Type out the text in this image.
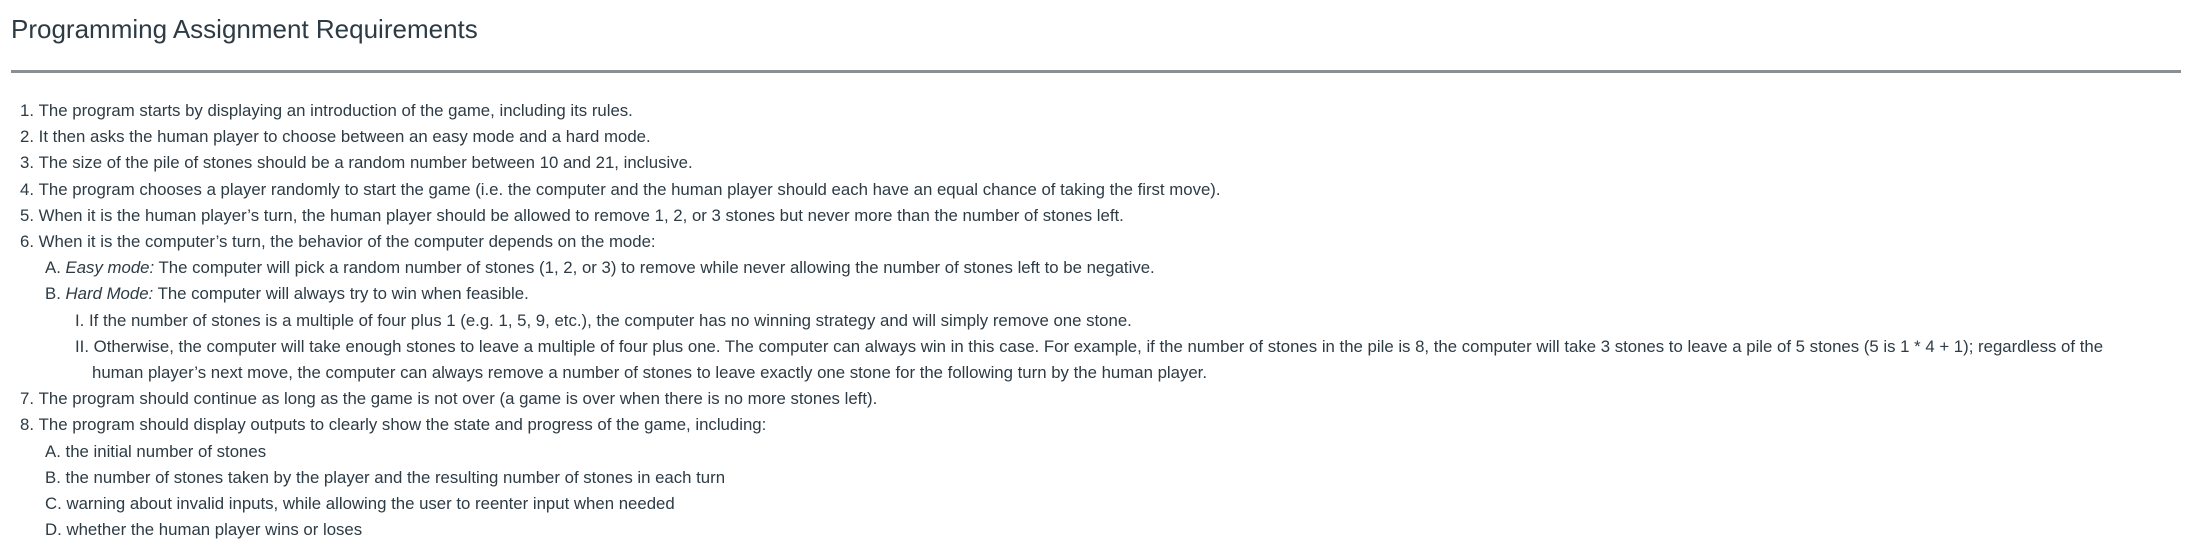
Programming Assignment Requirements
1. The program starts by displaying an introduction of the game, including its rules.
2. It then asks the human player to choose between an easy mode and a hard mode.
3. The size of the pile of stones should be a random number between 10 and 21, inclusive.
4. The program chooses a player randomly to start the game (i.e. the computer and the human player should each have an equal chance of taking the first move).
5. When it is the human player’s turn, the human player should be allowed to remove 1, 2, or 3 stones but never more than the number of stones left.
6. When it is the computer’s turn, the behavior of the computer depends on the mode:
A. Easy mode: The computer will pick a random number of stones (1, 2, or 3) to remove while never allowing the number of stones left to be negative.
B. Hard Mode: The computer will always try to win when feasible.
I. If the number of stones is a multiple of four plus 1 (e.g. 1, 5, 9, etc.), the computer has no winning strategy and will simply remove one stone.
II. Otherwise, the computer will take enough stones to leave a multiple of four plus one. The computer can always win in this case. For example, if the number of stones in the pile is 8, the computer will take 3 stones to leave a pile of 5 stones (5 is 1 * 4 + 1); regardless of the
human player’s next move, the computer can always remove a number of stones to leave exactly one stone for the following turn by the human player.
7. The program should continue as long as the game is not over (a game is over when there is no more stones left).
8. The program should display outputs to clearly show the state and progress of the game, including:
A. the initial number of stones
B. the number of stones taken by the player and the resulting number of stones in each turn
C. warning about invalid inputs, while allowing the user to reenter input when needed
D. whether the human player wins or loses
